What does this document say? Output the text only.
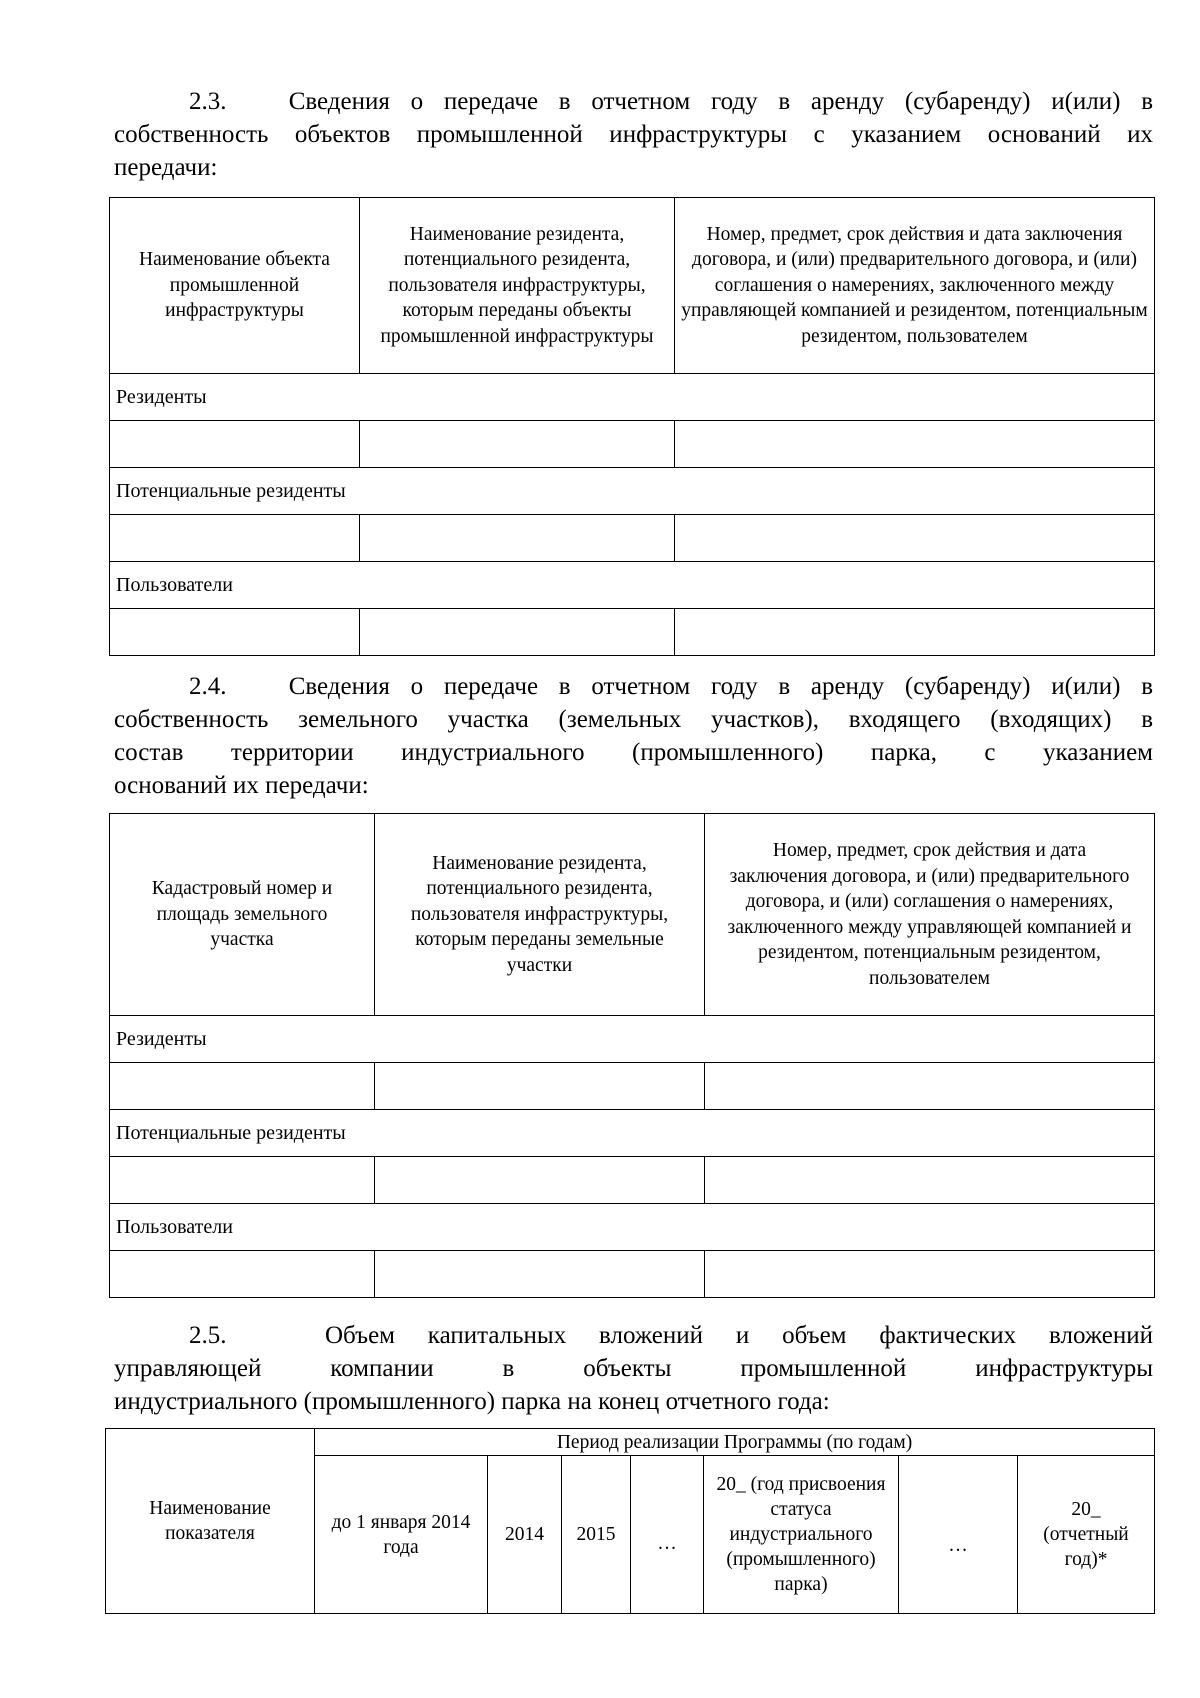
2.3. Сведения о передаче в отчетном году в аренду (субаренду) и(или) в
собственность объектов промышленной инфраструктуры с указанием оснований их
передачи:
Наименование объекта промышленной инфраструктуры	Наименование резидента, потенциального резидента, пользователя инфраструктуры, которым переданы объекты промышленной инфраструктуры	Номер, предмет, срок действия и дата заключения договора, и (или) предварительного договора, и (или) соглашения о намерениях, заключенного между управляющей компанией и резидентом, потенциальным резидентом, пользователем

Резиденты		

Потенциальные резиденты		

Пользователи		

2.4. Сведения о передаче в отчетном году в аренду (субаренду) и(или) в
собственность земельного участка (земельных участков), входящего (входящих) в
состав территории индустриального (промышленного) парка, с указанием
оснований их передачи:
Кадастровый номер и площадь земельного участка	Наименование резидента, потенциального резидента, пользователя инфраструктуры, которым переданы земельные участки	Номер, предмет, срок действия и дата заключения договора, и (или) предварительного договора, и (или) соглашения о намерениях, заключенного между управляющей компанией и резидентом, потенциальным резидентом, пользователем

Резиденты		

Потенциальные резиденты		

Пользователи		

2.5.	Объем капитальных вложений и объем фактических вложений
управляющей компании в объекты промышленной инфраструктуры
индустриального (промышленного) парка на конец отчетного года:
Наименование показателя	Период реализации Программы (по годам)						

	до 1 января 2014 года	2014	2015	…	20_ (год присвоения статуса индустриального (промышленного) парка)	…	20_ (отчетный год)*
